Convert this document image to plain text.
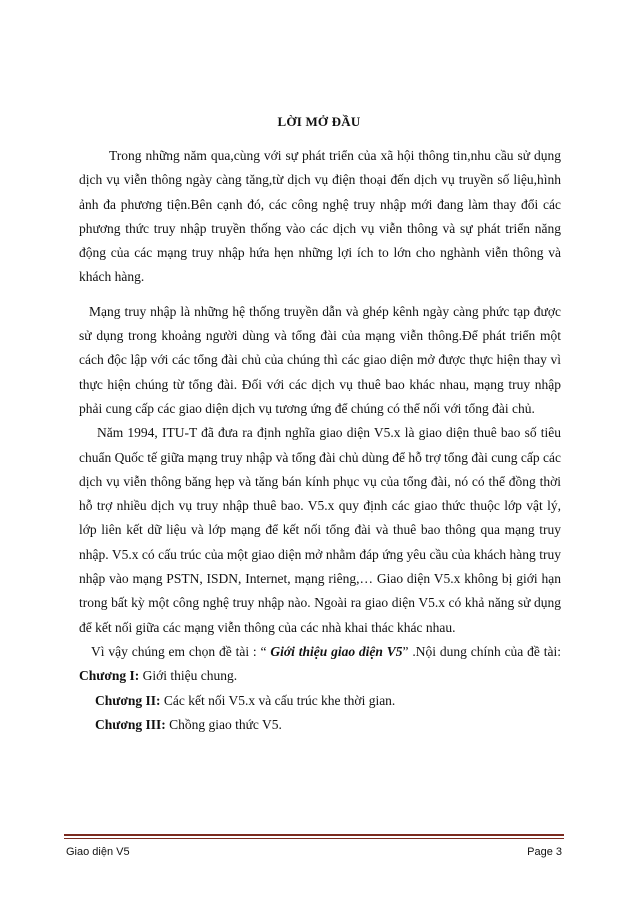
LỜI MỞ ĐẦU

Trong những năm qua,cùng với sự phát triển của xã hội thông tin,nhu cầu sử dụng dịch vụ viễn thông ngày càng tăng,từ dịch vụ điện thoại đến dịch vụ truyền số liệu,hình ảnh đa phương tiện.Bên cạnh đó, các công nghệ truy nhập mới đang làm thay đổi các phương thức truy nhập truyền thống vào các dịch vụ viễn thông và sự phát triển năng động của các mạng truy nhập hứa hẹn những lợi ích to lớn cho nghành viễn thông và khách hàng.

Mạng truy nhập là những hệ thống truyền dẫn và ghép kênh ngày càng phức tạp được sử dụng trong khoảng người dùng và tổng đài của mạng viễn thông.Để phát triển một cách độc lập với các tổng đài chủ của chúng thì các giao diện mở được thực hiện thay vì thực hiện chúng từ tổng đài. Đối với các dịch vụ thuê bao khác nhau, mạng truy nhập phải cung cấp các giao diện dịch vụ tương ứng để chúng có thể nối với tổng đài chủ.

Năm 1994, ITU-T đã đưa ra định nghĩa giao diện V5.x là giao diện thuê bao số tiêu chuẩn Quốc tế giữa mạng truy nhập và tổng đài chủ dùng để hỗ trợ tổng đài cung cấp các dịch vụ viễn thông băng hẹp và tăng bán kính phục vụ của tổng đài, nó có thể đồng thời hỗ trợ nhiều dịch vụ truy nhập thuê bao. V5.x quy định các giao thức thuộc lớp vật lý, lớp liên kết dữ liệu và lớp mạng để kết nối tổng đài và thuê bao thông qua mạng truy nhập. V5.x có cấu trúc của một giao diện mở nhằm đáp ứng yêu cầu của khách hàng truy nhập vào mạng PSTN, ISDN, Internet, mạng riêng,… Giao diện V5.x không bị giới hạn trong bất kỳ một công nghệ truy nhập nào. Ngoài ra giao diện V5.x có khả năng sử dụng để kết nối giữa các mạng viễn thông của các nhà khai thác khác nhau.

Vì vậy chúng em chọn đề tài : “ Giới thiệu giao diện V5” .Nội dung chính của đề tài: Chương I: Giới thiệu chung.

Chương II: Các kết nối V5.x và cấu trúc khe thời gian.

Chương III: Chồng giao thức V5.

Giao diện V5	Page 3
